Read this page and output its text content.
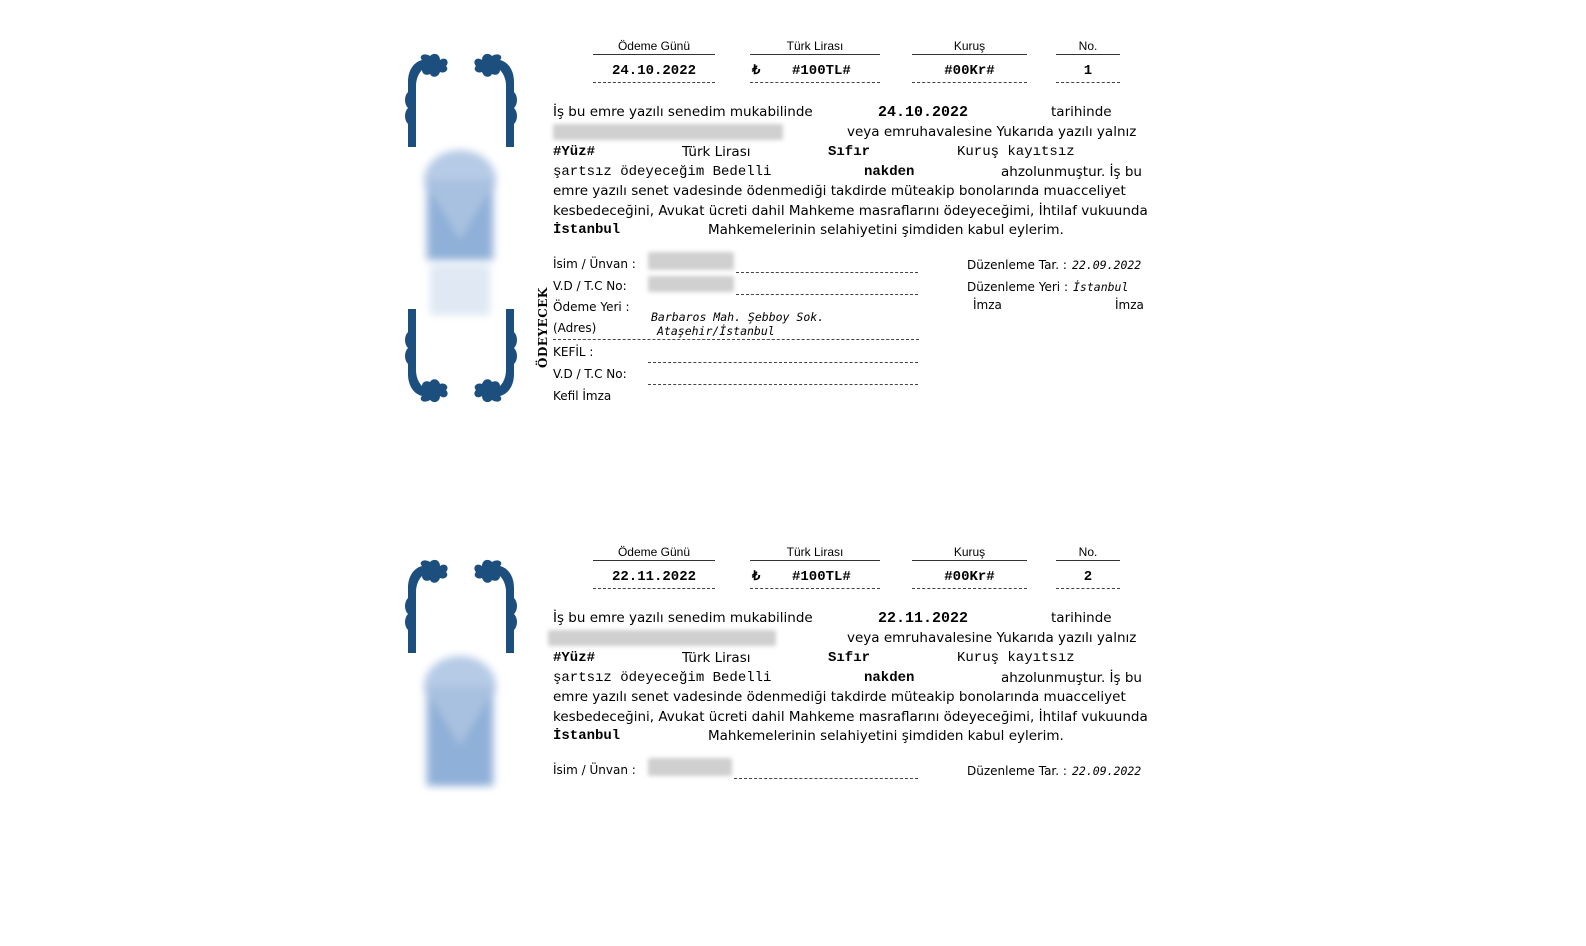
Ödeme Günü	Türk Lirası	Kuruş	No.
24.10.2022	₺ #100TL#	#00Kr#	1
İş bu emre yazılı senedim mukabilinde	24.10.2022	tarihinde
veya emruhavalesine Yukarıda yazılı yalnız
#Yüz#	Türk Lirası	Sıfır	Kuruş kayıtsız
şartsız ödeyeceğim Bedelli	nakden	ahzolunmuştur. İş bu
emre yazılı senet vadesinde ödenmediği takdirde müteakip bonolarında muacceliyet
kesbedeceğini, Avukat ücreti dahil Mahkeme masraflarını ödeyeceğimi, İhtilaf vukuunda
İstanbul	Mahkemelerinin selahiyetini şimdiden kabul eylerim.
ÖDEYECEK
İsim / Ünvan :
V.D / T.C No:
Ödeme Yeri :
(Adres)
Barbaros Mah. Şebboy Sok.
Ataşehir/İstanbul
KEFİL :
V.D / T.C No:
Kefil İmza
Düzenleme Tar. : 22.09.2022
Düzenleme Yeri : İstanbul
İmza	İmza
Ödeme Günü	Türk Lirası	Kuruş	No.
22.11.2022	₺ #100TL#	#00Kr#	2
İş bu emre yazılı senedim mukabilinde	22.11.2022	tarihinde
veya emruhavalesine Yukarıda yazılı yalnız
#Yüz#	Türk Lirası	Sıfır	Kuruş kayıtsız
şartsız ödeyeceğim Bedelli	nakden	ahzolunmuştur. İş bu
emre yazılı senet vadesinde ödenmediği takdirde müteakip bonolarında muacceliyet
kesbedeceğini, Avukat ücreti dahil Mahkeme masraflarını ödeyeceğimi, İhtilaf vukuunda
İstanbul	Mahkemelerinin selahiyetini şimdiden kabul eylerim.
İsim / Ünvan :	Düzenleme Tar. : 22.09.2022
